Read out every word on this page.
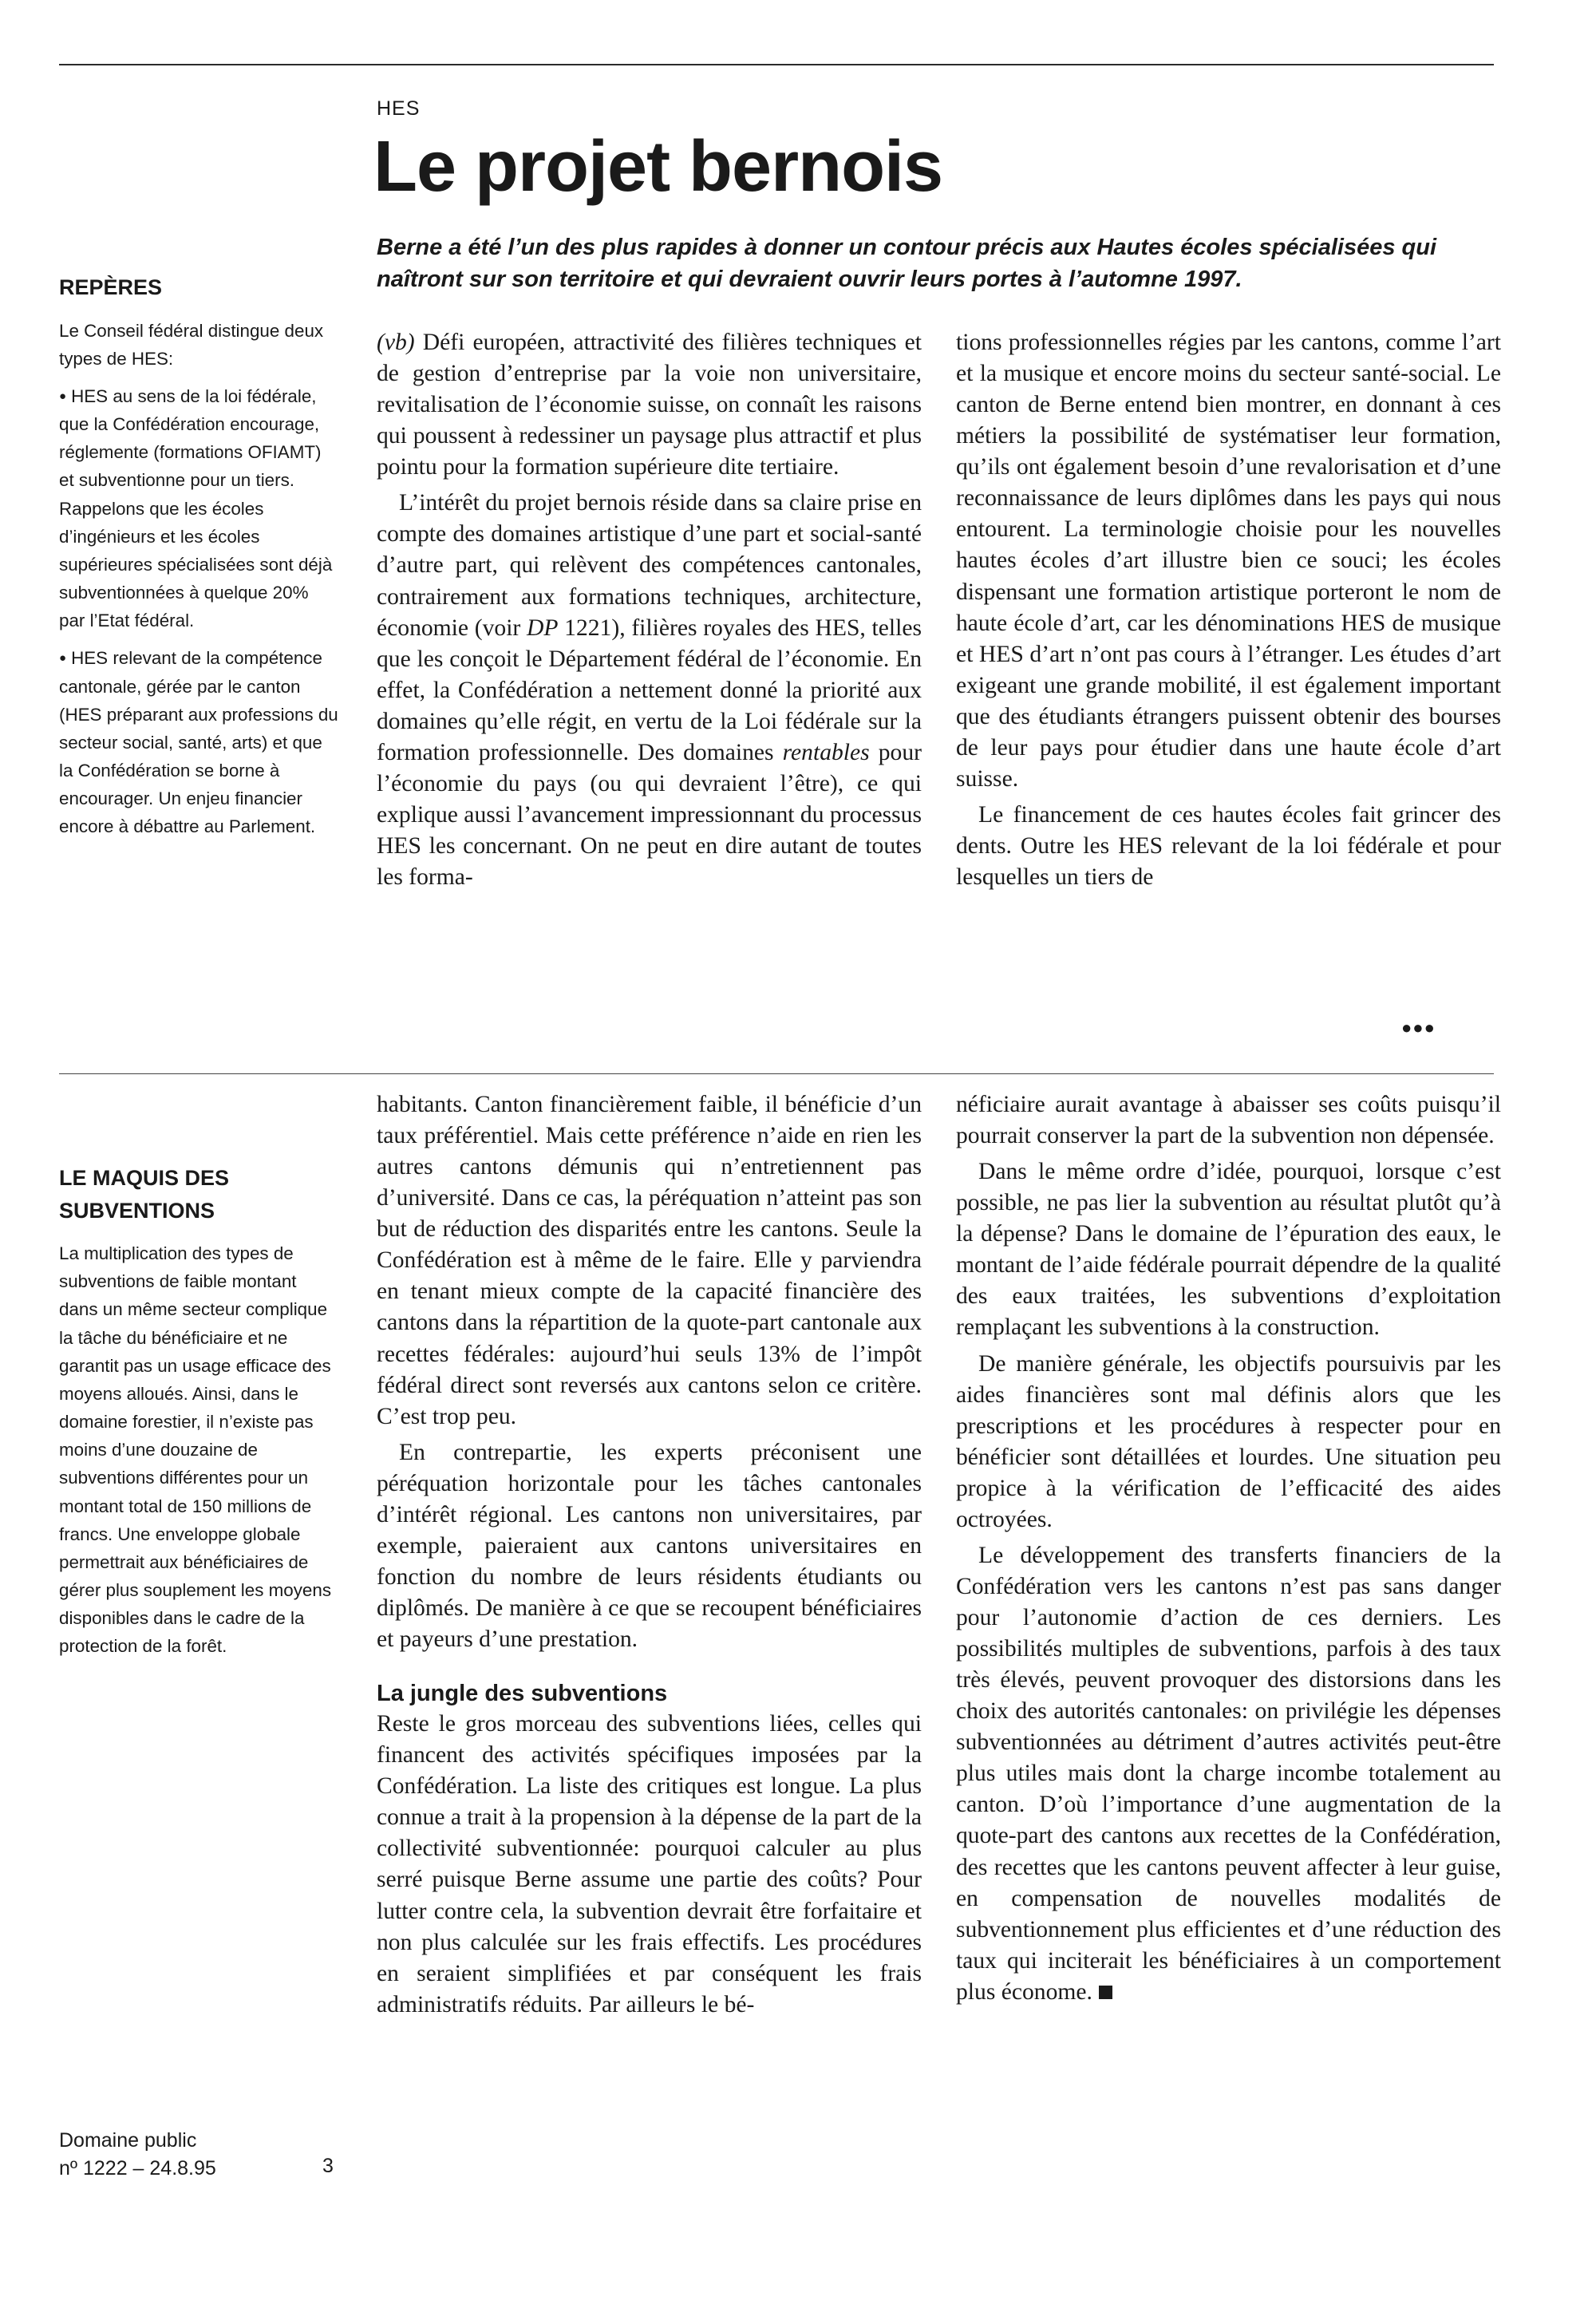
HES
Le projet bernois

Berne a été l’un des plus rapides à donner un contour précis aux Hautes écoles spécialisées qui naîtront sur son territoire et qui devraient ouvrir leurs portes à l’automne 1997.

REPÈRES

Le Conseil fédéral distingue deux types de HES:

● HES au sens de la loi fédérale, que la Confédération encourage, réglemente (formations OFIAMT) et subventionne pour un tiers. Rappelons que les écoles d’ingénieurs et les écoles supérieures spécialisées sont déjà subventionnées à quelque 20% par l’Etat fédéral.

● HES relevant de la compétence cantonale, gérée par le canton (HES préparant aux professions du secteur social, santé, arts) et que la Confédération se borne à encourager. Un enjeu financier encore à débattre au Parlement.

LE MAQUIS DES SUBVENTIONS

La multiplication des types de subventions de faible montant dans un même secteur complique la tâche du bénéficiaire et ne garantit pas un usage efficace des moyens alloués. Ainsi, dans le domaine forestier, il n’existe pas moins d’une douzaine de subventions différentes pour un montant total de 150 millions de francs. Une enveloppe globale permettrait aux bénéficiaires de gérer plus souplement les moyens disponibles dans le cadre de la protection de la forêt.

(vb) Défi européen, attractivité des filières techniques et de gestion d’entreprise par la voie non universitaire, revitalisation de l’économie suisse, on connaît les raisons qui poussent à redessiner un paysage plus attractif et plus pointu pour la formation supérieure dite tertiaire.

L’intérêt du projet bernois réside dans sa claire prise en compte des domaines artistique d’une part et social-santé d’autre part, qui relèvent des compétences cantonales, contrairement aux formations techniques, architecture, économie (voir DP 1221), filières royales des HES, telles que les conçoit le Département fédéral de l’économie. En effet, la Confédération a nettement donné la priorité aux domaines qu’elle régit, en vertu de la Loi fédérale sur la formation professionnelle. Des domaines rentables pour l’économie du pays (ou qui devraient l’être), ce qui explique aussi l’avancement impressionnant du processus HES les concernant. On ne peut en dire autant de toutes les forma-

tions professionnelles régies par les cantons, comme l’art et la musique et encore moins du secteur santé-social. Le canton de Berne entend bien montrer, en donnant à ces métiers la possibilité de systématiser leur formation, qu’ils ont également besoin d’une revalorisation et d’une reconnaissance de leurs diplômes dans les pays qui nous entourent. La terminologie choisie pour les nouvelles hautes écoles d’art illustre bien ce souci; les écoles dispensant une formation artistique porteront le nom de haute école d’art, car les dénominations HES de musique et HES d’art n’ont pas cours à l’étranger. Les études d’art exigeant une grande mobilité, il est également important que des étudiants étrangers puissent obtenir des bourses de leur pays pour étudier dans une haute école d’art suisse.

Le financement de ces hautes écoles fait grincer des dents. Outre les HES relevant de la loi fédérale et pour lesquelles un tiers de

●●●

habitants. Canton financièrement faible, il bénéficie d’un taux préférentiel. Mais cette préférence n’aide en rien les autres cantons démunis qui n’entretiennent pas d’université. Dans ce cas, la péréquation n’atteint pas son but de réduction des disparités entre les cantons. Seule la Confédération est à même de le faire. Elle y parviendra en tenant mieux compte de la capacité financière des cantons dans la répartition de la quote-part cantonale aux recettes fédérales: aujourd’hui seuls 13% de l’impôt fédéral direct sont reversés aux cantons selon ce critère. C’est trop peu.

En contrepartie, les experts préconisent une péréquation horizontale pour les tâches cantonales d’intérêt régional. Les cantons non universitaires, par exemple, paieraient aux cantons universitaires en fonction du nombre de leurs résidents étudiants ou diplômés. De manière à ce que se recoupent bénéficiaires et payeurs d’une prestation.

La jungle des subventions

Reste le gros morceau des subventions liées, celles qui financent des activités spécifiques imposées par la Confédération. La liste des critiques est longue. La plus connue a trait à la propension à la dépense de la part de la collectivité subventionnée: pourquoi calculer au plus serré puisque Berne assume une partie des coûts? Pour lutter contre cela, la subvention devrait être forfaitaire et non plus calculée sur les frais effectifs. Les procédures en seraient simplifiées et par conséquent les frais administratifs réduits. Par ailleurs le bé-

néficiaire aurait avantage à abaisser ses coûts puisqu’il pourrait conserver la part de la subvention non dépensée.

Dans le même ordre d’idée, pourquoi, lorsque c’est possible, ne pas lier la subvention au résultat plutôt qu’à la dépense? Dans le domaine de l’épuration des eaux, le montant de l’aide fédérale pourrait dépendre de la qualité des eaux traitées, les subventions d’exploitation remplaçant les subventions à la construction.

De manière générale, les objectifs poursuivis par les aides financières sont mal définis alors que les prescriptions et les procédures à respecter pour en bénéficier sont détaillées et lourdes. Une situation peu propice à la vérification de l’efficacité des aides octroyées.

Le développement des transferts financiers de la Confédération vers les cantons n’est pas sans danger pour l’autonomie d’action de ces derniers. Les possibilités multiples de subventions, parfois à des taux très élevés, peuvent provoquer des distorsions dans les choix des autorités cantonales: on privilégie les dépenses subventionnées au détriment d’autres activités peut-être plus utiles mais dont la charge incombe totalement au canton. D’où l’importance d’une augmentation de la quote-part des cantons aux recettes de la Confédération, des recettes que les cantons peuvent affecter à leur guise, en compensation de nouvelles modalités de subventionnement plus efficientes et d’une réduction des taux qui inciterait les bénéficiaires à un comportement plus économe.

Domaine public
nº 1222 – 24.8.95	3
